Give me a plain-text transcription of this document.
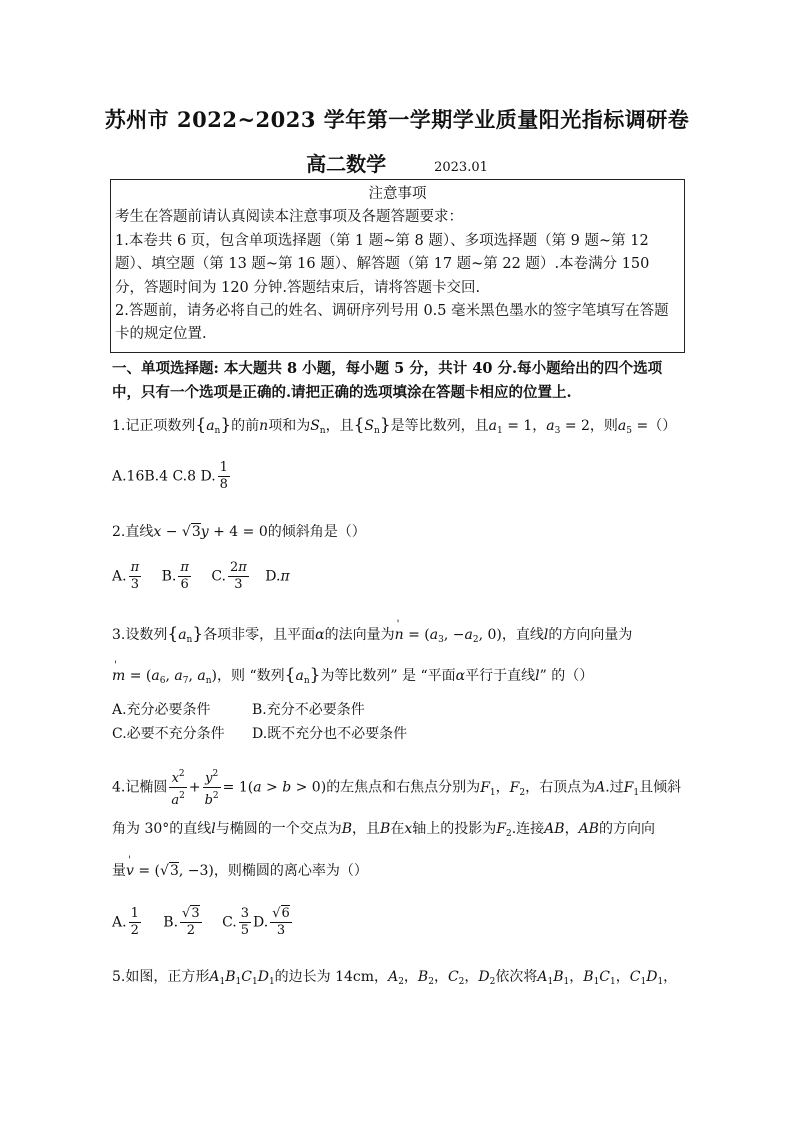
苏州市 2022~2023 学年第一学期学业质量阳光指标调研卷
高二数学	2023.01
注意事项
考生在答题前请认真阅读本注意事项及各题答题要求：
1.本卷共 6 页，包含单项选择题（第 1 题~第 8 题）、多项选择题（第 9 题~第 12 题）、填空题（第 13 题~第 16 题）、解答题（第 17 题~第 22 题）.本卷满分 150 分，答题时间为 120 分钟.答题结束后，请将答题卡交回.
2.答题前，请务必将自己的姓名、调研序列号用 0.5 毫米黑色墨水的签字笔填写在答题卡的规定位置.
一、单项选择题: 本大题共 8 小题，每小题 5 分，共计 40 分.每小题给出的四个选项中，只有一个选项是正确的.请把正确的选项填涂在答题卡相应的位置上.
1.记正项数列$\{a_n\}$的前n项和为$S_n$，且$\{S_n\}$是等比数列，且$a_1 = 1$，$a_3 = 2$，则$a_5$ =（）
A.16B.4 C.8 D. $\frac{1}{8}$
2.直线x − √3y + 4 = 0的倾斜角是（）
A. $\frac{\pi}{3} B$. $\frac{\pi}{6} C$. $\frac{2\pi}{3} D.\pi$
3.设数列$\{a_n\}$各项非零，且平面α的法向量为' $n = (a_3$, $-a_2$, 0)，直线l的方向向量为
' $m = (a_6$, $a_7$, $a_n$)，则 “数列$\{a_n\}$为等比数列” 是 “平面α平行于直线l” 的（）
A.充分必要条件	B.充分不必要条件
C.必要不充分条件 D.既不充分也不必要条件
4.记椭圆 $\frac{x^2}{a^2} + \frac{y^2}{b^2} = 1(a > b > 0)$的左焦点和右焦点分别为$F_1$，$F_2$，右顶点为A.过$F_1$且倾斜
角为 30°的直线l与椭圆的一个交点为B，且B在x轴上的投影为$F_2$.连接AB，AB的方向向
量' v = (√3, −3)，则椭圆的离心率为（）
A. $\frac{1}{2} B$. $\frac{√3}{2} C$. $\frac{3}{5} D$. $\frac{√6}{3}$
5.如图，正方形$A_1B_1C_1D_1$的边长为 14cm，$A_2$，$B_2$，$C_2$，$D_2$依次将$A_1B_1$，$B_1C_1$，$C_1D_1$，
